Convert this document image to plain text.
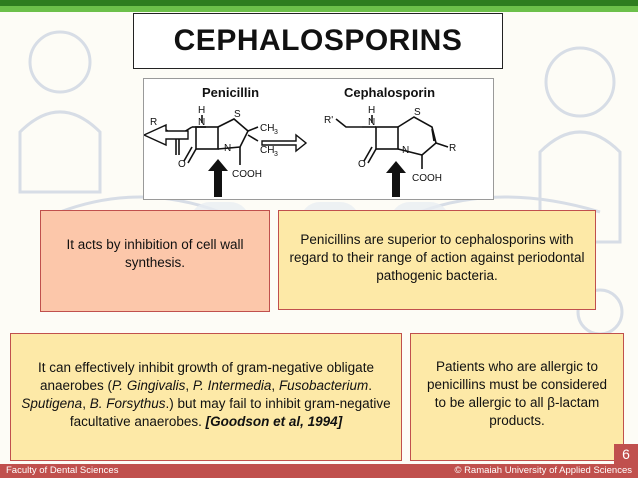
CEPHALOSPORINS
Penicillin
R
H
N
N
S
CH 3
CH 3
O
COOH
Cephalosporin
R'
H
N
N
S
R
O
COOH
It acts by inhibition of cell wall synthesis.
Penicillins are superior to cephalosporins with regard to their range of action against periodontal pathogenic bacteria.
It can effectively inhibit growth of gram-negative obligate anaerobes (P. Gingivalis, P. Intermedia, Fusobacterium. Sputigena, B. Forsythus.) but may fail to inhibit gram-negative facultative anaerobes. [Goodson et al, 1994]
Patients who are allergic to penicillins must be considered to be allergic to all β-lactam products.
6
Faculty of Dental Sciences	© Ramaiah University of Applied Sciences
